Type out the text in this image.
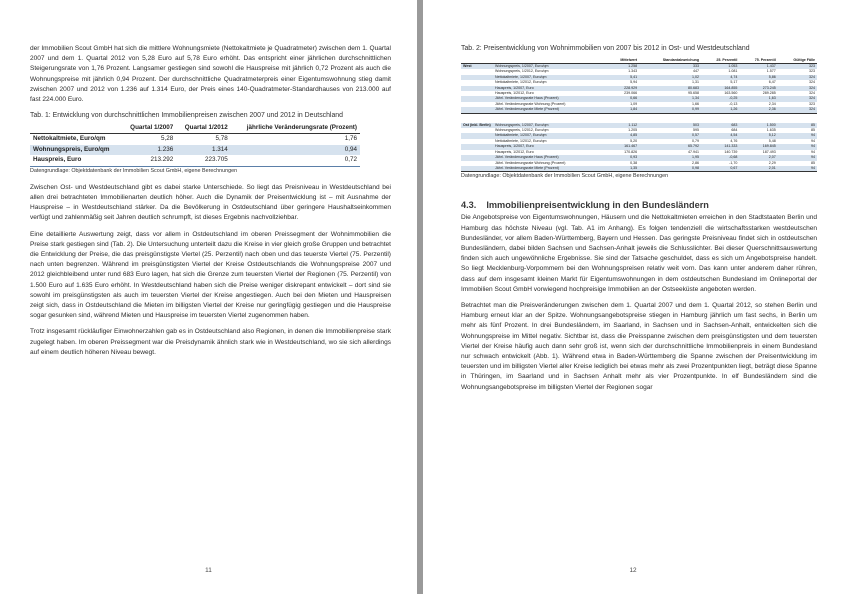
der Immobilien Scout GmbH hat sich die mittlere Wohnungsmiete (Nettokaltmiete je Quadratmeter) zwischen dem 1. Quartal 2007 und dem 1. Quartal 2012 von 5,28 Euro auf 5,78 Euro erhöht. Das entspricht einer jährlichen durchschnittlichen Steigerungsrate von 1,76 Prozent. Langsamer gestiegen sind sowohl die Hauspreise mit jährlich 0,72 Prozent als auch die Wohnungspreise mit jährlich 0,94 Prozent. Der durchschnittliche Quadratmeterpreis einer Eigentumswohnung stieg damit zwischen 2007 und 2012 von 1.236 auf 1.314 Euro, der Preis eines 140-Quadratmeter-Standardhauses von 213.000 auf fast 224.000 Euro.

Tab. 1: Entwicklung von durchschnittlichen Immobilienpreisen zwischen 2007 und 2012 in Deutschland

	Quartal 1/2007	Quartal 1/2012	jährliche Veränderungsrate (Prozent)
Nettokaltmiete, Euro/qm	5,28	5,78	1,76
Wohnungspreis, Euro/qm	1.236	1.314	0,94
Hauspreis, Euro	213.292	223.705	0,72

Datengrundlage: Objektdatenbank der Immobilien Scout GmbH, eigene Berechnungen

Zwischen Ost- und Westdeutschland gibt es dabei starke Unterschiede. So liegt das Preisniveau in Westdeutschland bei allen drei betrachteten Immobilienarten deutlich höher. Auch die Dynamik der Preisentwicklung ist – mit Ausnahme der Hauspreise – in Westdeutschland stärker. Da die Bevölkerung in Ostdeutschland über geringere Haushaltseinkommen verfügt und zahlenmäßig seit Jahren deutlich schrumpft, ist dieses Ergebnis nachvollziehbar.

Eine detaillierte Auswertung zeigt, dass vor allem in Ostdeutschland im oberen Preissegment der Wohnimmobilien die Preise stark gestiegen sind (Tab. 2). Die Untersuchung unterteilt dazu die Kreise in vier gleich große Gruppen und betrachtet die Entwicklung der Preise, die das preisgünstigste Viertel (25. Perzentil) nach oben und das teuerste Viertel (75. Perzentil) nach unten begrenzen. Während im preisgünstigsten Viertel der Kreise Ostdeutschlands die Wohnungspreise 2007 und 2012 gleichbleibend unter rund 683 Euro lagen, hat sich die Grenze zum teuersten Viertel der Regionen (75. Perzentil) von 1.500 Euro auf 1.635 Euro erhöht. In Westdeutschland haben sich die Preise weniger diskrepant entwickelt – dort sind sie sowohl im preisgünstigsten als auch im teuersten Viertel der Kreise angestiegen. Auch bei den Mieten und Hauspreisen zeigt sich, dass in Ostdeutschland die Mieten im billigsten Viertel der Kreise nur geringfügig gestiegen und die Hauspreise sogar gesunken sind, während Mieten und Hauspreise im teuersten Viertel zugenommen haben.

Trotz insgesamt rückläufiger Einwohnerzahlen gab es in Ostdeutschland also Regionen, in denen die Immobilienpreise stark zugelegt haben. Im oberen Preissegment war die Preisdynamik ähnlich stark wie in Westdeutschland, wo sie sich allerdings auf einem deutlich höheren Niveau bewegt.

11

Tab. 2: Preisentwicklung von Wohnimmobilien von 2007 bis 2012 in Ost- und Westdeutschland

		Mittelwert	Standardabweichung	25. Perzentil	75. Perzentil	Gültige Fälle
West	Wohnungspreis, 1/2007, Euro/qm	1.258	333	1.053	1.437	323
	Wohnungspreis, 1/2012, Euro/qm	1.343	447	1.081	1.577	323
	Nettokaltmiete, 1/2007, Euro/qm	5,41	1,02	4,74	5,86	324
	Nettokaltmiete, 1/2012, Euro/qm	5,94	1,31	5,17	6,47	324
	Hauspreis, 1/2007, Euro	228.929	80.683	164.855	273.245	324
	Hauspreis, 1/2012, Euro	239.066	95.658	163.560	289.285	324
	Jährl. Veränderungsrate Haus (Prozent)	0,66	1,34	-0,25	1,63	324
	Jährl. Veränderungsrate Wohnung (Prozent)	1,09	1,66	-0,13	2,34	323
	Jährl. Veränderungsrate Miete (Prozent)	1,84	0,99	1,26	2,36	324

Ost (inkl. Berlin)	Wohnungspreis, 1/2007, Euro/qm	1.112	503	683	1.500	85
	Wohnungspreis, 1/2012, Euro/qm	1.205	595	684	1.635	85
	Nettokaltmiete, 1/2007, Euro/qm	4,85	0,57	4,54	5,12	94
	Nettokaltmiete, 1/2012, Euro/qm	5,20	0,79	4,76	5,48	94
	Hauspreis, 1/2007, Euro	161.467	65.792	141.333	169.845	94
	Hauspreis, 1/2012, Euro	170.826	47.941	140.739	187.493	94
	Jährl. Veränderungsrate Haus (Prozent)	0,93	1,95	-0,68	2,07	94
	Jährl. Veränderungsrate Wohnung (Prozent)	0,38	2,86	-1,70	2,29	85
	Jährl. Veränderungsrate Miete (Prozent)	1,35	0,98	0,67	2,01	94

Datengrundlage: Objektdatenbank der Immobilien Scout GmbH, eigene Berechnungen

4.3. Immobilienpreisentwicklung in den Bundesländern

Die Angebotspreise von Eigentumswohnungen, Häusern und die Nettokaltmieten erreichen in den Stadtstaaten Berlin und Hamburg das höchste Niveau (vgl. Tab. A1 im Anhang). Es folgen tendenziell die wirtschaftsstarken westdeutschen Bundesländer, vor allem Baden-Württemberg, Bayern und Hessen. Das geringste Preisniveau findet sich in ostdeutschen Bundesländern, dabei bilden Sachsen und Sachsen-Anhalt jeweils die Schlusslichter. Bei dieser Querschnittsauswertung finden sich auch ungewöhnliche Ergebnisse. Sie sind der Tatsache geschuldet, dass es sich um Angebotspreise handelt. So liegt Mecklenburg-Vorpommern bei den Wohnungspreisen relativ weit vorn. Das kann unter anderem daher rühren, dass auf dem insgesamt kleinen Markt für Eigentumswohnungen in dem ostdeutschen Bundesland im Onlineportal der Immobilien Scout GmbH vorwiegend hochpreisige Immobilien an der Ostseeküste angeboten werden.

Betrachtet man die Preisveränderungen zwischen dem 1. Quartal 2007 und dem 1. Quartal 2012, so stehen Berlin und Hamburg erneut klar an der Spitze. Wohnungsangebotspreise stiegen in Hamburg jährlich um fast sechs, in Berlin um mehr als fünf Prozent. In drei Bundesländern, im Saarland, in Sachsen und in Sachsen-Anhalt, entwickelten sich die Wohnungspreise im Mittel negativ. Sichtbar ist, dass die Preisspanne zwischen dem preisgünstigsten und dem teuersten Viertel der Kreise häufig auch dann sehr groß ist, wenn sich der durchschnittliche Immobilienpreis in einem Bundesland nur schwach entwickelt (Abb. 1). Während etwa in Baden-Württemberg die Spanne zwischen der Preisentwicklung im teuersten und im billigsten Viertel aller Kreise lediglich bei etwas mehr als zwei Prozentpunkten liegt, beträgt diese Spanne in Thüringen, im Saarland und in Sachsen Anhalt mehr als vier Prozentpunkte. In elf Bundesländern sind die Wohnungsangebotspreise im billigsten Viertel der Regionen sogar

12
